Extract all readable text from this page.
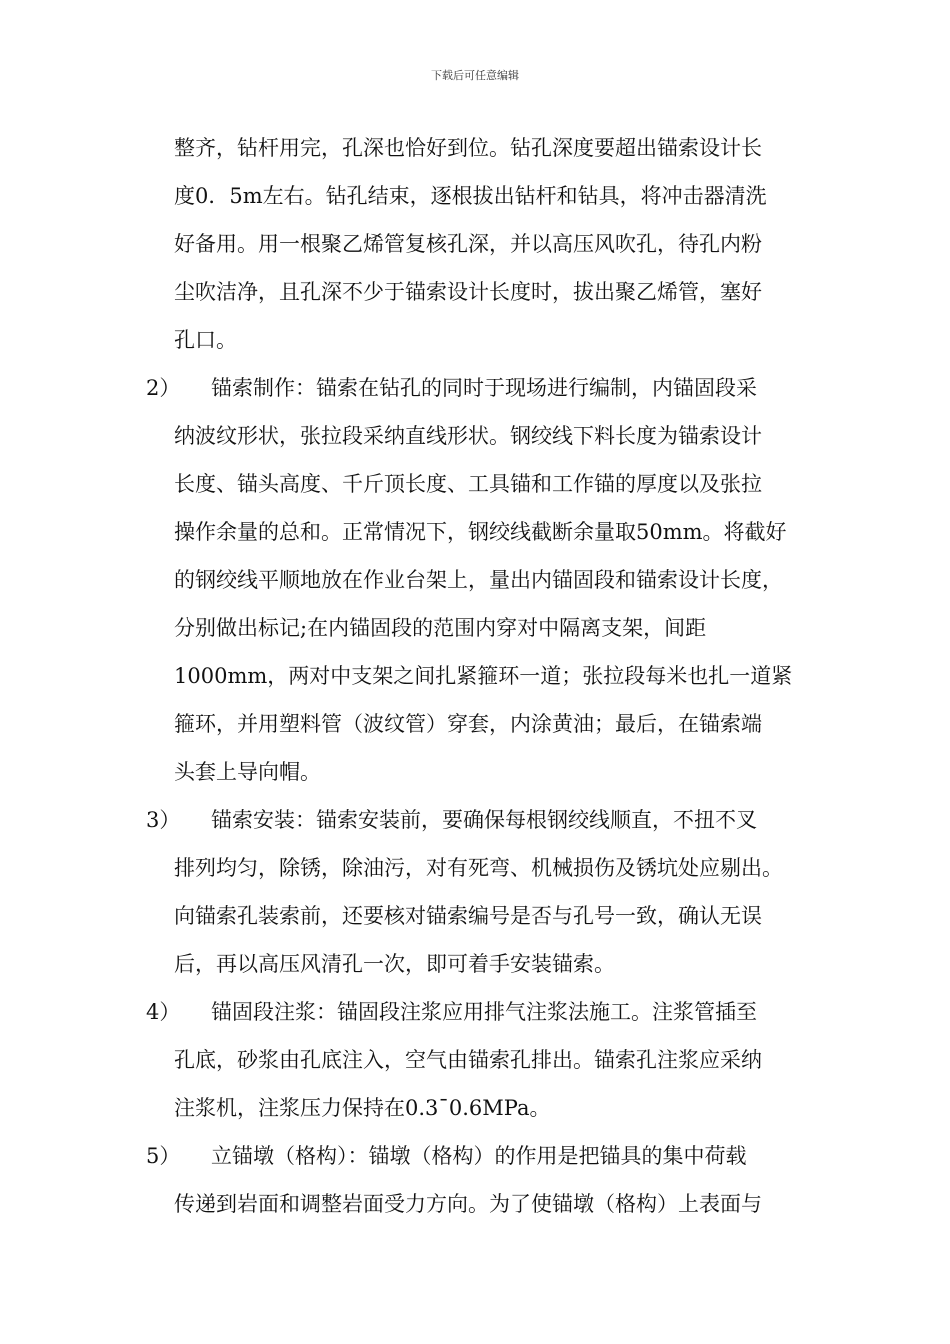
下载后可任意编辑
整齐，钻杆用完，孔深也恰好到位。钻孔深度要超出锚索设计长
度0．5m左右。钻孔结束，逐根拔出钻杆和钻具，将冲击器清洗
好备用。用一根聚乙烯管复核孔深，并以高压风吹孔，待孔内粉
尘吹洁净，且孔深不少于锚索设计长度时，拔出聚乙烯管，塞好
孔口。
2）	锚索制作：锚索在钻孔的同时于现场进行编制，内锚固段采
纳波纹形状，张拉段采纳直线形状。钢绞线下料长度为锚索设计
长度、锚头高度、千斤顶长度、工具锚和工作锚的厚度以及张拉
操作余量的总和。正常情况下，钢绞线截断余量取50mm。将截好
的钢绞线平顺地放在作业台架上，量出内锚固段和锚索设计长度，
分别做出标记;在内锚固段的范围内穿对中隔离支架，间距
1000mm，两对中支架之间扎紧箍环一道；张拉段每米也扎一道紧
箍环，并用塑料管（波纹管）穿套，内涂黄油；最后，在锚索端
头套上导向帽。
3）	锚索安装：锚索安装前，要确保每根钢绞线顺直，不扭不叉
排列均匀，除锈，除油污，对有死弯、机械损伤及锈坑处应剔出。
向锚索孔装索前，还要核对锚索编号是否与孔号一致，确认无误
后，再以高压风清孔一次，即可着手安装锚索。
4）	锚固段注浆：锚固段注浆应用排气注浆法施工。注浆管插至
孔底，砂浆由孔底注入，空气由锚索孔排出。锚索孔注浆应采纳
注浆机，注浆压力保持在0.3¯0.6MPa。
5）	立锚墩（格构）：锚墩（格构）的作用是把锚具的集中荷载
传递到岩面和调整岩面受力方向。为了使锚墩（格构）上表面与
